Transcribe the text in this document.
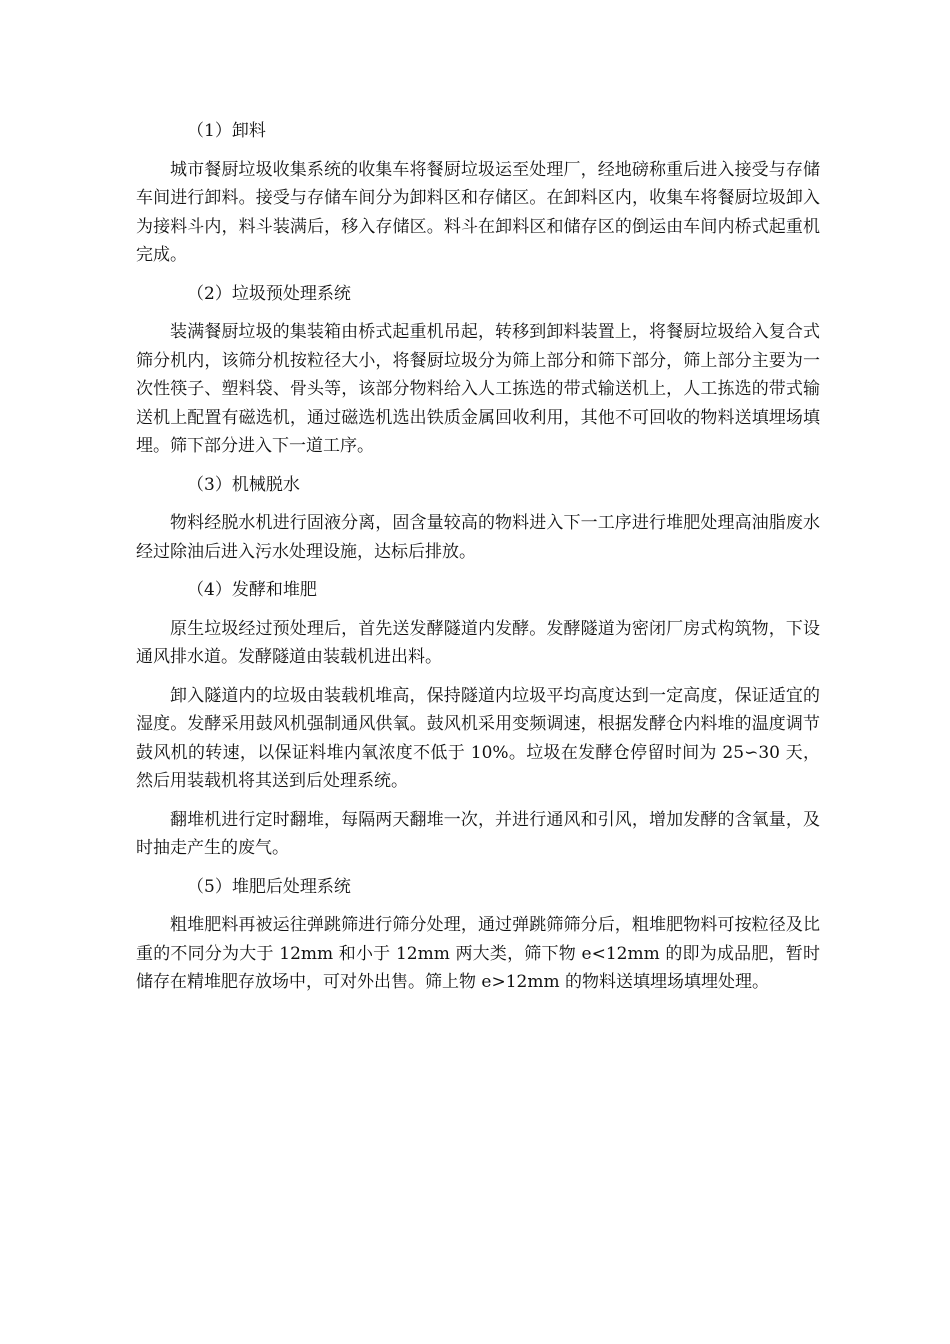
（1）卸料

城市餐厨垃圾收集系统的收集车将餐厨垃圾运至处理厂，经地磅称重后进入接受与存储车间进行卸料。接受与存储车间分为卸料区和存储区。在卸料区内，收集车将餐厨垃圾卸入为接料斗内，料斗装满后，移入存储区。料斗在卸料区和储存区的倒运由车间内桥式起重机完成。

（2）垃圾预处理系统

装满餐厨垃圾的集装箱由桥式起重机吊起，转移到卸料装置上，将餐厨垃圾给入复合式筛分机内，该筛分机按粒径大小，将餐厨垃圾分为筛上部分和筛下部分，筛上部分主要为一次性筷子、塑料袋、骨头等，该部分物料给入人工拣选的带式输送机上，人工拣选的带式输送机上配置有磁选机，通过磁选机选出铁质金属回收利用，其他不可回收的物料送填埋场填埋。筛下部分进入下一道工序。

（3）机械脱水

物料经脱水机进行固液分离，固含量较高的物料进入下一工序进行堆肥处理高油脂废水经过除油后进入污水处理设施，达标后排放。

（4）发酵和堆肥

原生垃圾经过预处理后，首先送发酵隧道内发酵。发酵隧道为密闭厂房式构筑物，下设通风排水道。发酵隧道由装载机进出料。

卸入隧道内的垃圾由装载机堆高，保持隧道内垃圾平均高度达到一定高度，保证适宜的湿度。发酵采用鼓风机强制通风供氧。鼓风机采用变频调速，根据发酵仓内料堆的温度调节鼓风机的转速，以保证料堆内氧浓度不低于 10%。垃圾在发酵仓停留时间为 25∽30 天，然后用装载机将其送到后处理系统。

翻堆机进行定时翻堆，每隔两天翻堆一次，并进行通风和引风，增加发酵的含氧量，及时抽走产生的废气。

（5）堆肥后处理系统

粗堆肥料再被运往弹跳筛进行筛分处理，通过弹跳筛筛分后，粗堆肥物料可按粒径及比重的不同分为大于 12mm 和小于 12mm 两大类，筛下物 e<12mm 的即为成品肥，暂时储存在精堆肥存放场中，可对外出售。筛上物 e>12mm 的物料送填埋场填埋处理。
